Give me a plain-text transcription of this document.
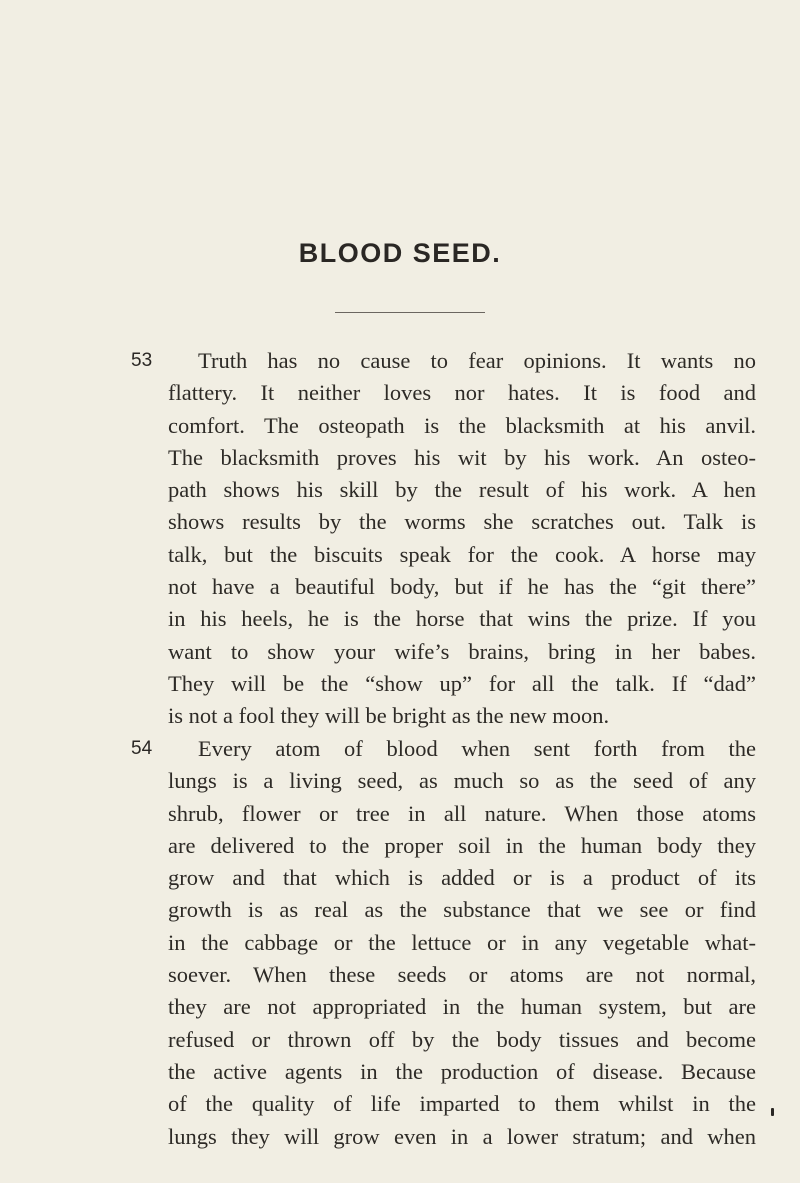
BLOOD SEED.
53	Truth has no cause to fear opinions. It wants no
flattery. It neither loves nor hates. It is food and
comfort. The osteopath is the blacksmith at his anvil.
The blacksmith proves his wit by his work. An osteo-
path shows his skill by the result of his work. A hen
shows results by the worms she scratches out. Talk is
talk, but the biscuits speak for the cook. A horse may
not have a beautiful body, but if he has the “git there”
in his heels, he is the horse that wins the prize. If you
want to show your wife’s brains, bring in her babes.
They will be the “show up” for all the talk. If “dad”
is not a fool they will be bright as the new moon.
54	Every atom of blood when sent forth from the
lungs is a living seed, as much so as the seed of any
shrub, flower or tree in all nature. When those atoms
are delivered to the proper soil in the human body they
grow and that which is added or is a product of its
growth is as real as the substance that we see or find
in the cabbage or the lettuce or in any vegetable what-
soever. When these seeds or atoms are not normal,
they are not appropriated in the human system, but are
refused or thrown off by the body tissues and become
the active agents in the production of disease. Because
of the quality of life imparted to them whilst in the
lungs they will grow even in a lower stratum; and when
